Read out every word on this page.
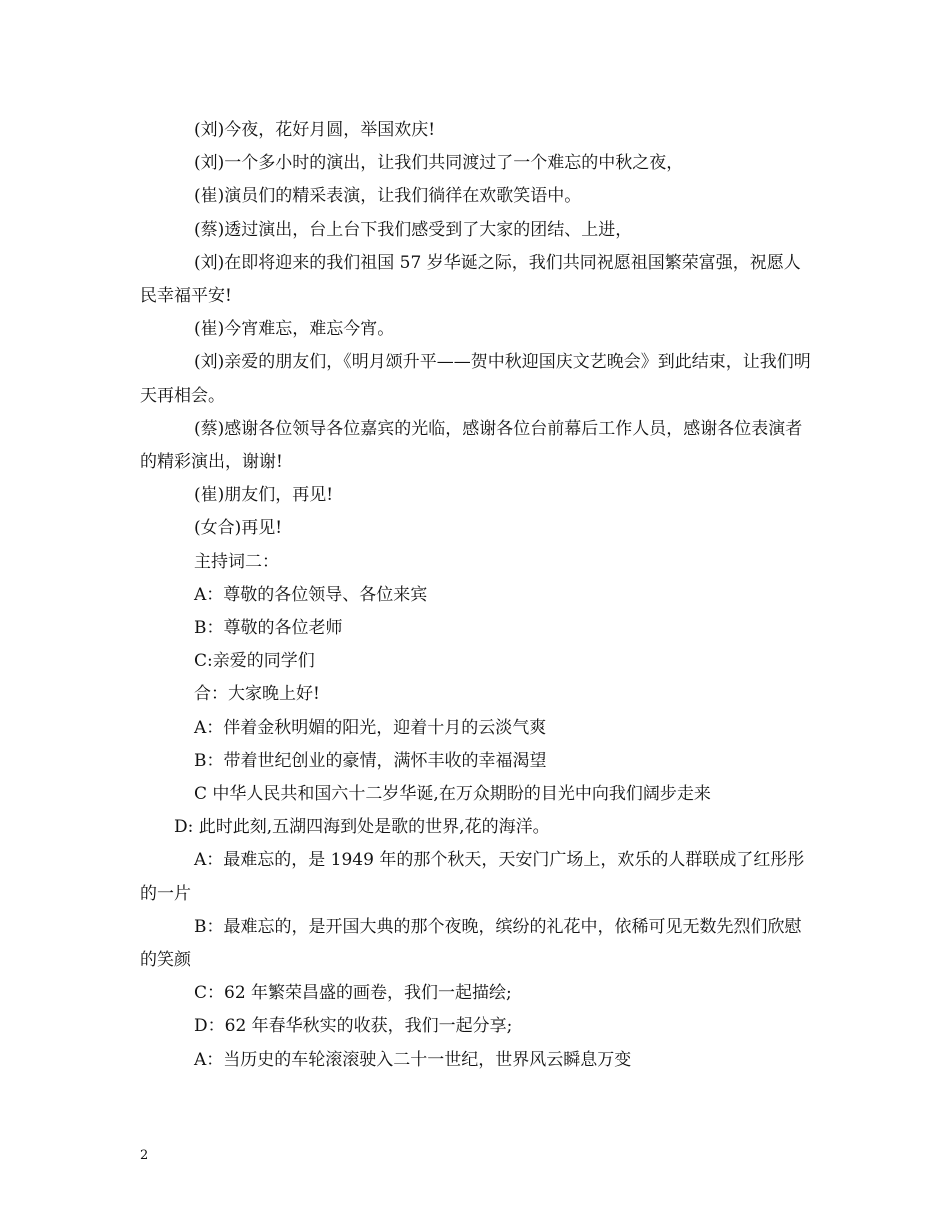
(刘)今夜，花好月圆，举国欢庆!

(刘)一个多小时的演出，让我们共同渡过了一个难忘的中秋之夜，

(崔)演员们的精采表演，让我们徜徉在欢歌笑语中。

(蔡)透过演出，台上台下我们感受到了大家的团结、上进，

(刘)在即将迎来的我们祖国 57 岁华诞之际，我们共同祝愿祖国繁荣富强，祝愿人民幸福平安!

(崔)今宵难忘，难忘今宵。

(刘)亲爱的朋友们，《明月颂升平——贺中秋迎国庆文艺晚会》到此结束，让我们明天再相会。

(蔡)感谢各位领导各位嘉宾的光临，感谢各位台前幕后工作人员，感谢各位表演者的精彩演出，谢谢!

(崔)朋友们，再见!

(女合)再见!

主持词二：

A：尊敬的各位领导、各位来宾

B：尊敬的各位老师

C:亲爱的同学们

合：大家晚上好!

A：伴着金秋明媚的阳光，迎着十月的云淡气爽

B：带着世纪创业的豪情，满怀丰收的幸福渴望

C 中华人民共和国六十二岁华诞,在万众期盼的目光中向我们阔步走来

D: 此时此刻,五湖四海到处是歌的世界,花的海洋。

A：最难忘的，是 1949 年的那个秋天，天安门广场上，欢乐的人群联成了红彤彤的一片

B：最难忘的，是开国大典的那个夜晚，缤纷的礼花中，依稀可见无数先烈们欣慰的笑颜

C：62 年繁荣昌盛的画卷，我们一起描绘;

D：62 年春华秋实的收获，我们一起分享;

A：当历史的车轮滚滚驶入二十一世纪，世界风云瞬息万变

2
